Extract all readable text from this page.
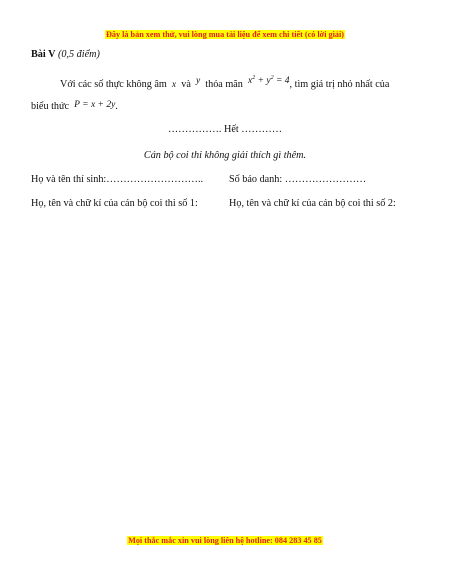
Đây là bản xem thử, vui lòng mua tài liệu để xem chi tiết (có lời giải)
Bài V (0,5 điểm)
Với các số thực không âm x và y thỏa mãn $x^2 + y^2 = 4$, tìm giá trị nhỏ nhất của
biểu thức P = x + 2y.
……………. Hết …………
Cán bộ coi thi không giải thích gì thêm.
Họ và tên thí sinh:………………………..	Số báo danh: ……………………
Họ, tên và chữ kí của cán bộ coi thi số 1:	Họ, tên và chữ kí của cán bộ coi thi số 2:
Mọi thắc mắc xin vui lòng liên hệ hotline: 084 283 45 85
